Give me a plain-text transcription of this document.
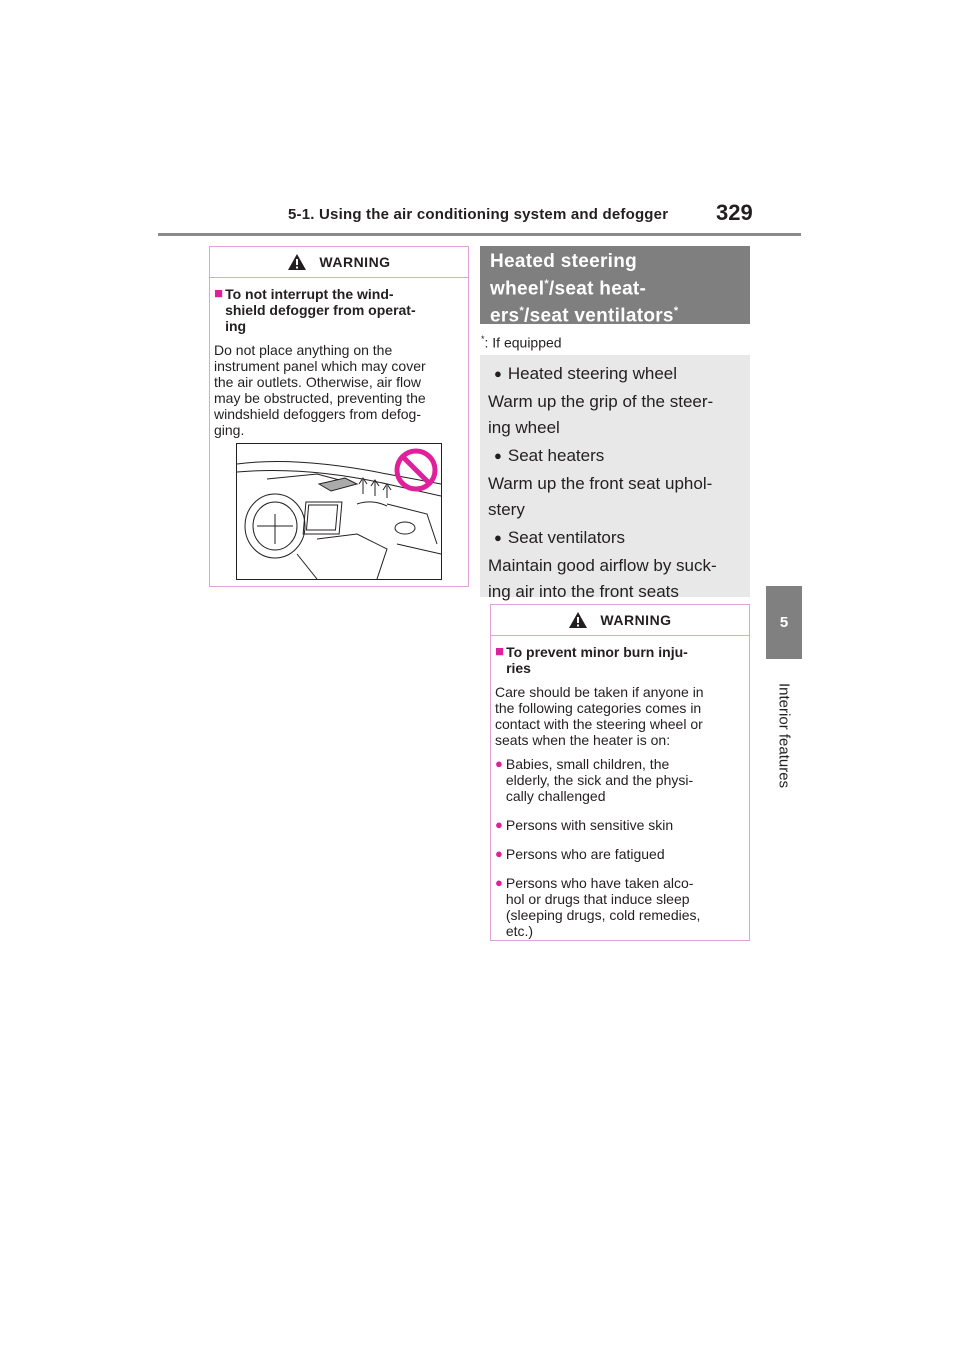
5-1. Using the air conditioning system and defogger 329
5
Interior features
WARNING
■ To not interrupt the wind-
shield defogger from operat-
ing
Do not place anything on the
instrument panel which may cover
the air outlets. Otherwise, air flow
may be obstructed, preventing the
windshield defoggers from defog-
ging.
Heated steering
wheel*/seat heat-
ers*/seat ventilators*
*: If equipped
● Heated steering wheel
Warm up the grip of the steer-
ing wheel
● Seat heaters
Warm up the front seat uphol-
stery
● Seat ventilators
Maintain good airflow by suck-
ing air into the front seats
WARNING
■ To prevent minor burn inju-
ries
Care should be taken if anyone in
the following categories comes in
contact with the steering wheel or
seats when the heater is on:
● Babies, small children, the
elderly, the sick and the physi-
cally challenged
● Persons with sensitive skin
● Persons who are fatigued
● Persons who have taken alco-
hol or drugs that induce sleep
(sleeping drugs, cold remedies,
etc.)
